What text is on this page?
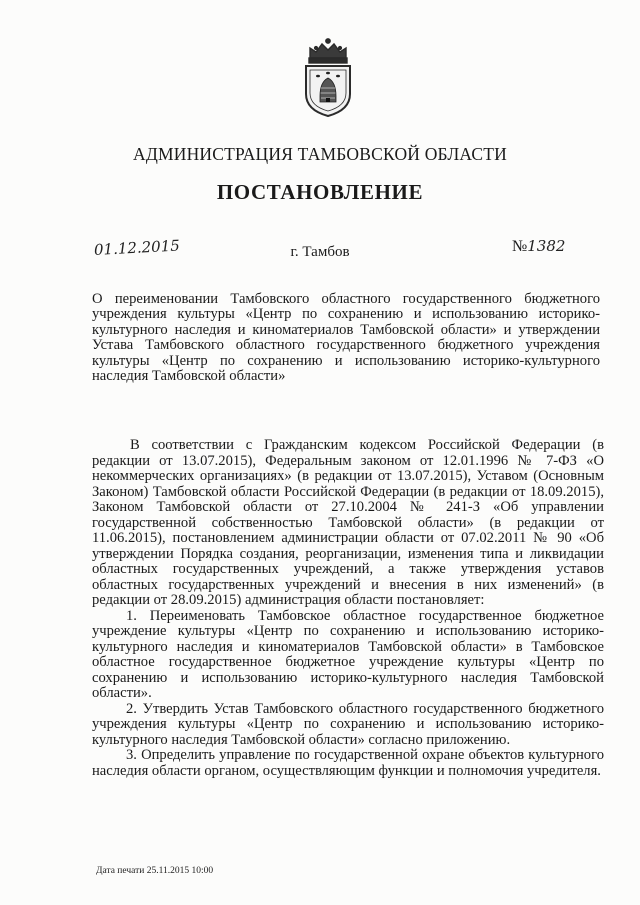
АДМИНИСТРАЦИЯ ТАМБОВСКОЙ ОБЛАСТИ
ПОСТАНОВЛЕНИЕ
01.12.2015	г. Тамбов	№1382
О переименовании Тамбовского областного государственного бюджетного учреждения культуры «Центр по сохранению и использованию историко-культурного наследия и киноматериалов Тамбовской области» и утверждении Устава Тамбовского областного государственного бюджетного учреждения культуры «Центр по сохранению и использованию историко-культурного наследия Тамбовской области»

В соответствии с Гражданским кодексом Российской Федерации (в редакции от 13.07.2015), Федеральным законом от 12.01.1996 № 7-ФЗ «О некоммерческих организациях» (в редакции от 13.07.2015), Уставом (Основным Законом) Тамбовской области Российской Федерации (в редакции от 18.09.2015), Законом Тамбовской области от 27.10.2004 № 241-З «Об управлении государственной собственностью Тамбовской области» (в редакции от 11.06.2015), постановлением администрации области от 07.02.2011 № 90 «Об утверждении Порядка создания, реорганизации, изменения типа и ликвидации областных государственных учреждений, а также утверждения уставов областных государственных учреждений и внесения в них изменений» (в редакции от 28.09.2015) администрация области постановляет:

1. Переименовать Тамбовское областное государственное бюджетное учреждение культуры «Центр по сохранению и использованию историко-культурного наследия и киноматериалов Тамбовской области» в Тамбовское областное государственное бюджетное учреждение культуры «Центр по сохранению и использованию историко-культурного наследия Тамбовской области».

2. Утвердить Устав Тамбовского областного государственного бюджетного учреждения культуры «Центр по сохранению и использованию историко-культурного наследия Тамбовской области» согласно приложению.

3. Определить управление по государственной охране объектов культурного наследия области органом, осуществляющим функции и полномочия учредителя.

Дата печати 25.11.2015 10:00
